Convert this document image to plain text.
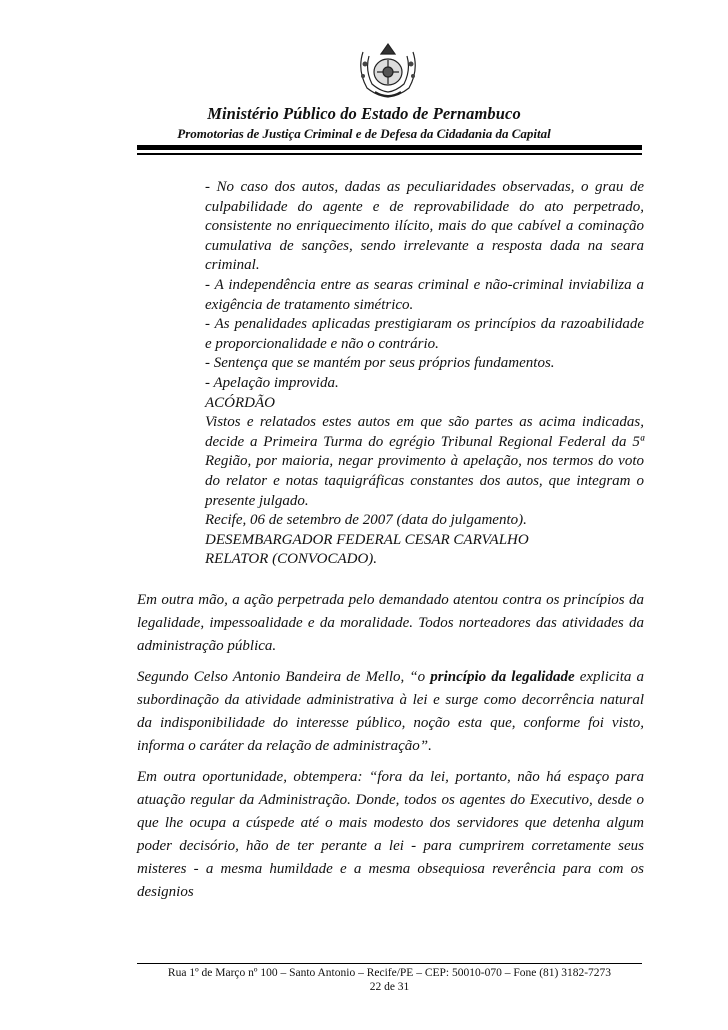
Ministério Público do Estado de Pernambuco
Promotorias de Justiça Criminal e de Defesa da Cidadania da Capital

- No caso dos autos, dadas as peculiaridades observadas, o grau de culpabilidade do agente e de reprovabilidade do ato perpetrado, consistente no enriquecimento ilícito, mais do que cabível a cominação cumulativa de sanções, sendo irrelevante a resposta dada na seara criminal.

- A independência entre as searas criminal e não-criminal inviabiliza a exigência de tratamento simétrico.

- As penalidades aplicadas prestigiaram os princípios da razoabilidade e proporcionalidade e não o contrário.

- Sentença que se mantém por seus próprios fundamentos.

- Apelação improvida.

ACÓRDÃO

Vistos e relatados estes autos em que são partes as acima indicadas, decide a Primeira Turma do egrégio Tribunal Regional Federal da 5ª Região, por maioria, negar provimento à apelação, nos termos do voto do relator e notas taquigráficas constantes dos autos, que integram o presente julgado.

Recife, 06 de setembro de 2007 (data do julgamento).

DESEMBARGADOR FEDERAL CESAR CARVALHO

RELATOR (CONVOCADO).

Em outra mão, a ação perpetrada pelo demandado atentou contra os princípios da legalidade, impessoalidade e da moralidade. Todos norteadores das atividades da administração pública.

Segundo Celso Antonio Bandeira de Mello, “o princípio da legalidade explicita a subordinação da atividade administrativa à lei e surge como decorrência natural da indisponibilidade do interesse público, noção esta que, conforme foi visto, informa o caráter da relação de administração”.

Em outra oportunidade, obtempera: “fora da lei, portanto, não há espaço para atuação regular da Administração. Donde, todos os agentes do Executivo, desde o que lhe ocupa a cúspede até o mais modesto dos servidores que detenha algum poder decisório, hão de ter perante a lei - para cumprirem corretamente seus misteres - a mesma humildade e a mesma obsequiosa reverência para com os designios

Rua 1º de Março nº 100 – Santo Antonio – Recife/PE – CEP: 50010-070 – Fone (81) 3182-7273
22 de 31
